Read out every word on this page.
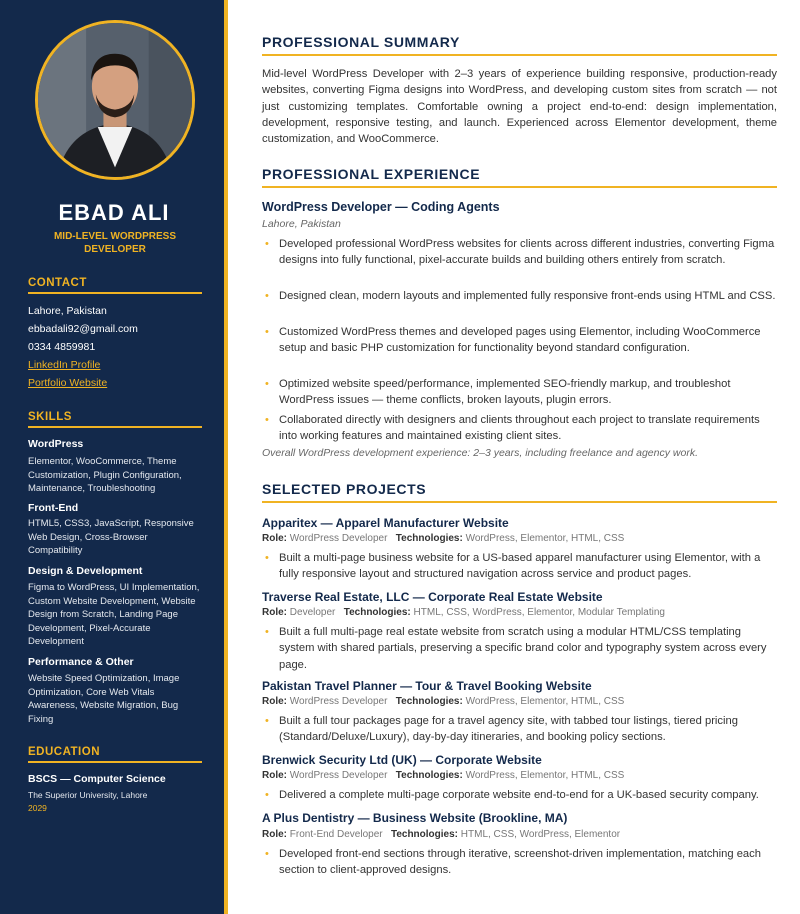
EBAD ALI
MID-LEVEL WORDPRESS DEVELOPER
CONTACT
Lahore, Pakistan
ebbadali92@gmail.com
0334 4859981
LinkedIn Profile
Portfolio Website
SKILLS
WordPress
Elementor, WooCommerce, Theme Customization, Plugin Configuration, Maintenance, Troubleshooting
Front-End
HTML5, CSS3, JavaScript, Responsive Web Design, Cross-Browser Compatibility
Design & Development
Figma to WordPress, UI Implementation, Custom Website Development, Website Design from Scratch, Landing Page Development, Pixel-Accurate Development
Performance & Other
Website Speed Optimization, Image Optimization, Core Web Vitals Awareness, Website Migration, Bug Fixing
EDUCATION
BSCS — Computer Science
The Superior University, Lahore
2029
PROFESSIONAL SUMMARY
Mid-level WordPress Developer with 2–3 years of experience building responsive, production-ready websites, converting Figma designs into WordPress, and developing custom sites from scratch — not just customizing templates. Comfortable owning a project end-to-end: design implementation, development, responsive testing, and launch. Experienced across Elementor development, theme customization, and WooCommerce.
PROFESSIONAL EXPERIENCE
WordPress Developer — Coding Agents
Lahore, Pakistan
• Developed professional WordPress websites for clients across different industries, converting Figma designs into fully functional, pixel-accurate builds and building others entirely from scratch.
• Designed clean, modern layouts and implemented fully responsive front-ends using HTML and CSS.
• Customized WordPress themes and developed pages using Elementor, including WooCommerce setup and basic PHP customization for functionality beyond standard configuration.
• Optimized website speed/performance, implemented SEO-friendly markup, and troubleshot WordPress issues — theme conflicts, broken layouts, plugin errors.
• Collaborated directly with designers and clients throughout each project to translate requirements into working features and maintained existing client sites.
Overall WordPress development experience: 2–3 years, including freelance and agency work.
SELECTED PROJECTS
Apparitex — Apparel Manufacturer Website
Role: WordPress Developer Technologies: WordPress, Elementor, HTML, CSS
• Built a multi-page business website for a US-based apparel manufacturer using Elementor, with a fully responsive layout and structured navigation across service and product pages.
Traverse Real Estate, LLC — Corporate Real Estate Website
Role: Developer Technologies: HTML, CSS, WordPress, Elementor, Modular Templating
• Built a full multi-page real estate website from scratch using a modular HTML/CSS templating system with shared partials, preserving a specific brand color and typography system across every page.
Pakistan Travel Planner — Tour & Travel Booking Website
Role: WordPress Developer Technologies: WordPress, Elementor, HTML, CSS
• Built a full tour packages page for a travel agency site, with tabbed tour listings, tiered pricing (Standard/Deluxe/Luxury), day-by-day itineraries, and booking policy sections.
Brenwick Security Ltd (UK) — Corporate Website
Role: WordPress Developer Technologies: WordPress, Elementor, HTML, CSS
• Delivered a complete multi-page corporate website end-to-end for a UK-based security company.
A Plus Dentistry — Business Website (Brookline, MA)
Role: Front-End Developer Technologies: HTML, CSS, WordPress, Elementor
• Developed front-end sections through iterative, screenshot-driven implementation, matching each section to client-approved designs.
